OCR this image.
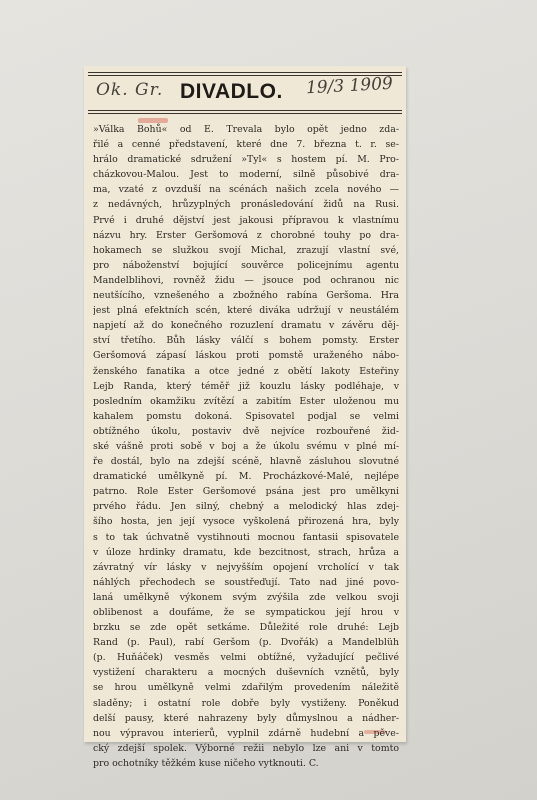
Ok. Gr. DIVADLO. 19/3 1909
»Válka Bohů« od E. Trevala bylo opět jedno zda-
řilé a cenné představení, které dne 7. března t. r. se-
hrálo dramatické sdružení »Tyl« s hostem pí. M. Pro-
cházkovou-Malou. Jest to moderní, silně působivé dra-
ma, vzaté z ovzduší na scénách našich zcela nového —
z nedávných, hrůzyplných pronásledování židů na Rusi.
Prvé i druhé dějství jest jakousi přípravou k vlastnímu
názvu hry. Erster Geršomová z chorobné touhy po dra-
hokamech se služkou svojí Michal, zrazují vlastní své,
pro náboženství bojující souvěrce policejnímu agentu
Mandelblihovi, rovněž židu — jsouce pod ochranou nic
neutšícího, vznešeného a zbožného rabína Geršoma. Hra
jest plná efektních scén, které diváka udržují v neustálém
napjetí až do konečného rozuzlení dramatu v závěru děj-
ství třetího. Bůh lásky válčí s bohem pomsty. Erster
Geršomová zápasí láskou proti pomstě uraženého nábo-
ženského fanatika a otce jedné z obětí lakoty Esteřiny
Lejb Randa, který téměř již kouzlu lásky podléhaje, v
posledním okamžiku zvítězí a zabitím Ester uloženou mu
kahalem pomstu dokoná. Spisovatel podjal se velmi
obtížného úkolu, postaviv dvě nejvíce rozbouřené žid-
ské vášně proti sobě v boj a že úkolu svému v plné mí-
ře dostál, bylo na zdejší scéně, hlavně zásluhou slovutné
dramatické umělkyně pí. M. Procházkové-Malé, nejlépe
patrno. Role Ester Geršomové psána jest pro umělkyni
prvého řádu. Jen silný, chebný a melodický hlas zdej-
šího hosta, jen její vysoce vyškolená přirozená hra, byly
s to tak úchvatně vystihnouti mocnou fantasii spisovatele
v úloze hrdinky dramatu, kde bezcitnost, strach, hrůza a
závratný vír lásky v nejvyšším opojení vrcholící v tak
náhlých přechodech se soustřeďují. Tato nad jiné povo-
laná umělkyně výkonem svým zvýšila zde velkou svoji
oblibenost a doufáme, že se sympatickou její hrou v
brzku se zde opět setkáme. Důležité role druhé: Lejb
Rand (p. Paul), rabí Geršom (p. Dvořák) a Mandelblüh
(p. Huňáček) vesměs velmi obtížné, vyžadující pečlivé
vystižení charakteru a mocných duševních vznětů, byly
se hrou umělkyně velmi zdařilým provedením náležitě
sladěny; i ostatní role dobře byly vystiženy. Poněkud
delší pausy, které nahrazeny byly důmyslnou a nádher-
nou výpravou interierů, vyplnil zdárně hudební a pěve-
cký zdejší spolek. Výborné režii nebylo lze ani v tomto
pro ochotníky těžkém kuse ničeho vytknouti. C.
